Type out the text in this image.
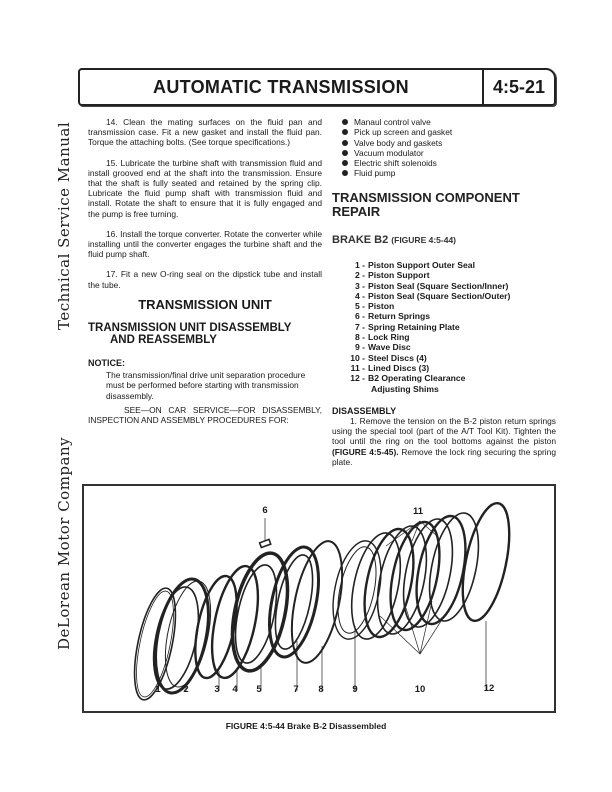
AUTOMATIC TRANSMISSION	4:5-21
Technical Service Manual
DeLorean Motor Company

14. Clean the mating surfaces on the fluid pan and transmission case. Fit a new gasket and install the fluid pan. Torque the attaching bolts. (See torque specifications.)

15. Lubricate the turbine shaft with transmission fluid and install grooved end at the shaft into the transmission. Ensure that the shaft is fully seated and retained by the spring clip. Lubricate the fluid pump shaft with transmission fluid and install. Rotate the shaft to ensure that it is fully engaged and the pump is free turning.

16. Install the torque converter. Rotate the converter while installing until the converter engages the turbine shaft and the fluid pump shaft.

17. Fit a new O-ring seal on the dipstick tube and install the tube.

TRANSMISSION UNIT
TRANSMISSION UNIT DISASSEMBLY
AND REASSEMBLY
NOTICE:

The transmission/final drive unit separation procedure must be performed before starting with transmission disassembly.

SEE—ON CAR SERVICE—FOR DISASSEMBLY, INSPECTION AND ASSEMBLY PROCEDURES FOR:

Manaul control valve
Pick up screen and gasket
Valve body and gaskets
Vacuum modulator
Electric shift solenoids
Fluid pump
TRANSMISSION COMPONENT
REPAIR
BRAKE B2 (FIGURE 4:5-44)
1 - Piston Support Outer Seal
2 - Piston Support
3 - Piston Seal (Square Section/Inner)
4 - Piston Seal (Square Section/Outer)
5 - Piston
6 - Return Springs
7 - Spring Retaining Plate
8 - Lock Ring
9 - Wave Disc
10 - Steel Discs (4)
11 - Lined Discs (3)
12 - B2 Operating Clearance
Adjusting Shims
DISASSEMBLY

1. Remove the tension on the B-2 piston return springs using the special tool (part of the A/T Tool Kit). Tighten the tool until the ring on the tool bottoms against the piston (FIGURE 4:5-45). Remove the lock ring securing the spring plate.

1 2	3 4 5
6
7 8	9	10
11
12
FIGURE 4:5-44 Brake B-2 Disassembled
